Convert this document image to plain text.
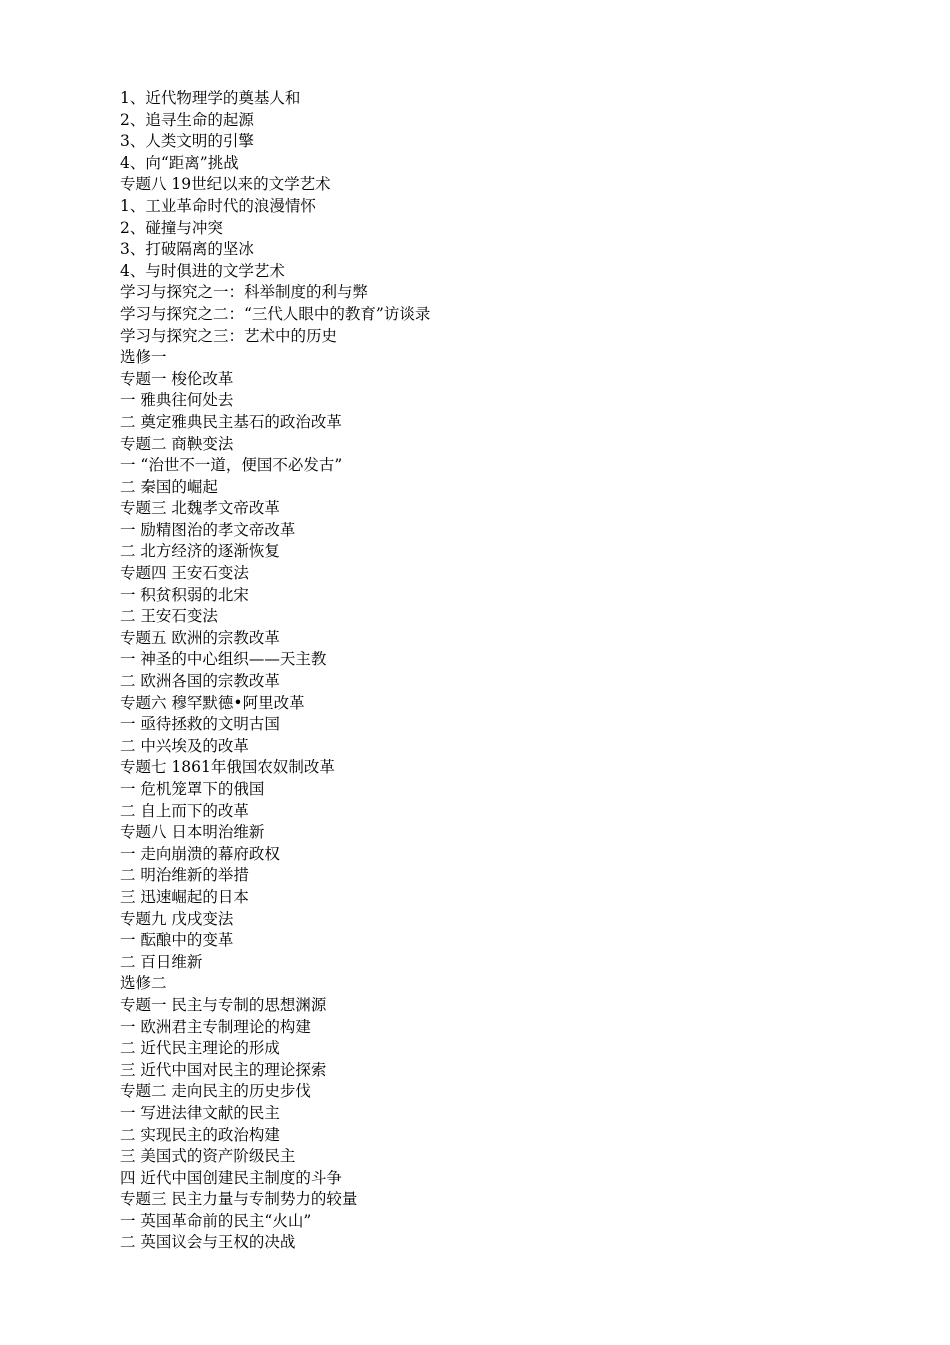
1、近代物理学的奠基人和
2、追寻生命的起源
3、人类文明的引擎
4、向“距离”挑战
专题八 19世纪以来的文学艺术
1、工业革命时代的浪漫情怀
2、碰撞与冲突
3、打破隔离的坚冰
4、与时俱进的文学艺术
学习与探究之一：科举制度的利与弊
学习与探究之二：“三代人眼中的教育”访谈录
学习与探究之三：艺术中的历史
选修一
专题一 梭伦改革
一 雅典往何处去
二 奠定雅典民主基石的政治改革
专题二 商鞅变法
一 “治世不一道，便国不必发古”
二 秦国的崛起
专题三 北魏孝文帝改革
一 励精图治的孝文帝改革
二 北方经济的逐渐恢复
专题四 王安石变法
一 积贫积弱的北宋
二 王安石变法
专题五 欧洲的宗教改革
一 神圣的中心组织——天主教
二 欧洲各国的宗教改革
专题六 穆罕默德•阿里改革
一 亟待拯救的文明古国
二 中兴埃及的改革
专题七 1861年俄国农奴制改革
一 危机笼罩下的俄国
二 自上而下的改革
专题八 日本明治维新
一 走向崩溃的幕府政权
二 明治维新的举措
三 迅速崛起的日本
专题九 戊戌变法
一 酝酿中的变革
二 百日维新
选修二
专题一 民主与专制的思想渊源
一 欧洲君主专制理论的构建
二 近代民主理论的形成
三 近代中国对民主的理论探索
专题二 走向民主的历史步伐
一 写进法律文献的民主
二 实现民主的政治构建
三 美国式的资产阶级民主
四 近代中国创建民主制度的斗争
专题三 民主力量与专制势力的较量
一 英国革命前的民主“火山”
二 英国议会与王权的决战
